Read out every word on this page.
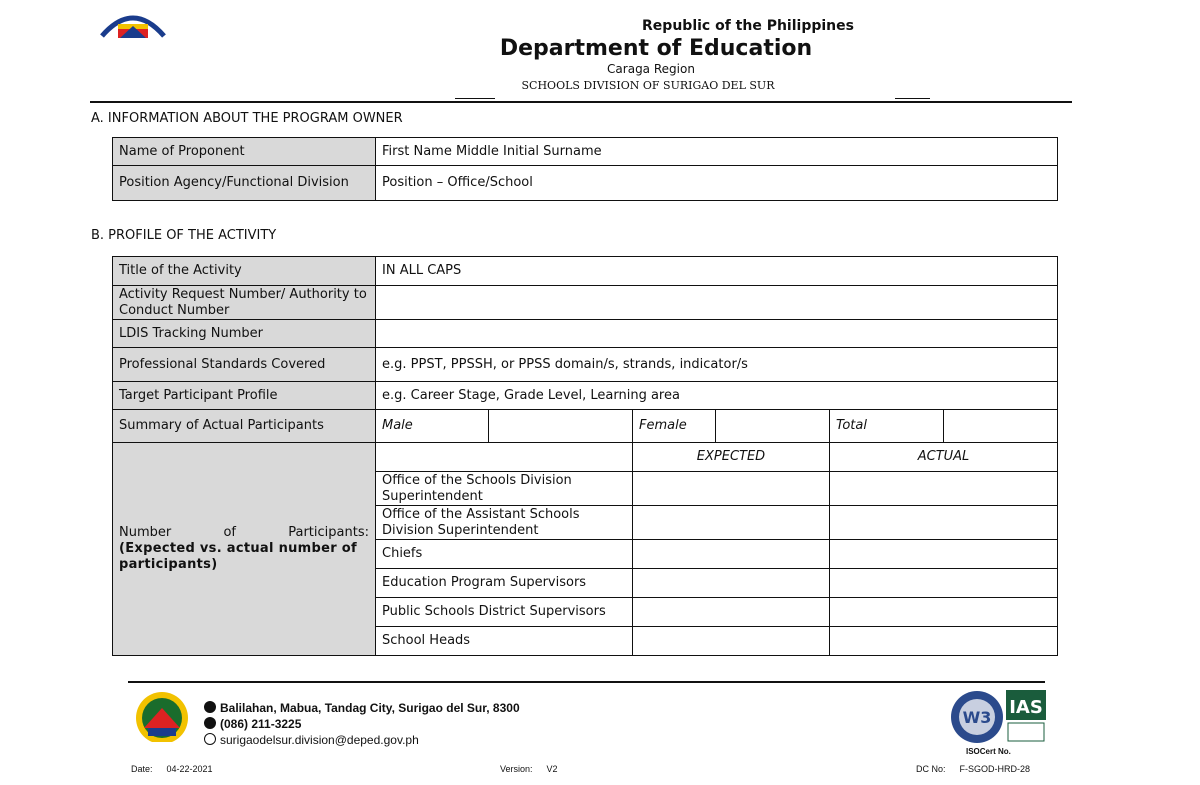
Republic of the Philippines
Department of Education
Caraga Region
SCHOOLS DIVISION OF SURIGAO DEL SUR
A. INFORMATION ABOUT THE PROGRAM OWNER
Name of Proponent	First Name Middle Initial Surname
Position Agency/Functional Division	Position – Office/School
B. PROFILE OF THE ACTIVITY
Title of the Activity	IN ALL CAPS					
Activity Request Number/ Authority to Conduct Number						
LDIS Tracking Number						
Professional Standards Covered	e.g. PPST, PPSSH, or PPSS domain/s, strands, indicator/s					
Target Participant Profile	e.g. Career Stage, Grade Level, Learning area					
Summary of Actual Participants	Male		Female		Total	

Number of Participants:
(Expected vs. actual number of participants)			EXPECTED		ACTUAL	
	Office of the Schools Division Superintendent					
	Office of the Assistant Schools Division Superintendent					
	Chiefs					
	Education Program Supervisors					
	Public Schools District Supervisors					
	School Heads					
Balilahan, Mabua, Tandag City, Surigao del Sur, 8300
(086) 211-3225
surigaodelsur.division@deped.gov.ph
W3 IAS
ISOCert No.
Date: 04-22-2021	Version: V2	DC No: F-SGOD-HRD-28
